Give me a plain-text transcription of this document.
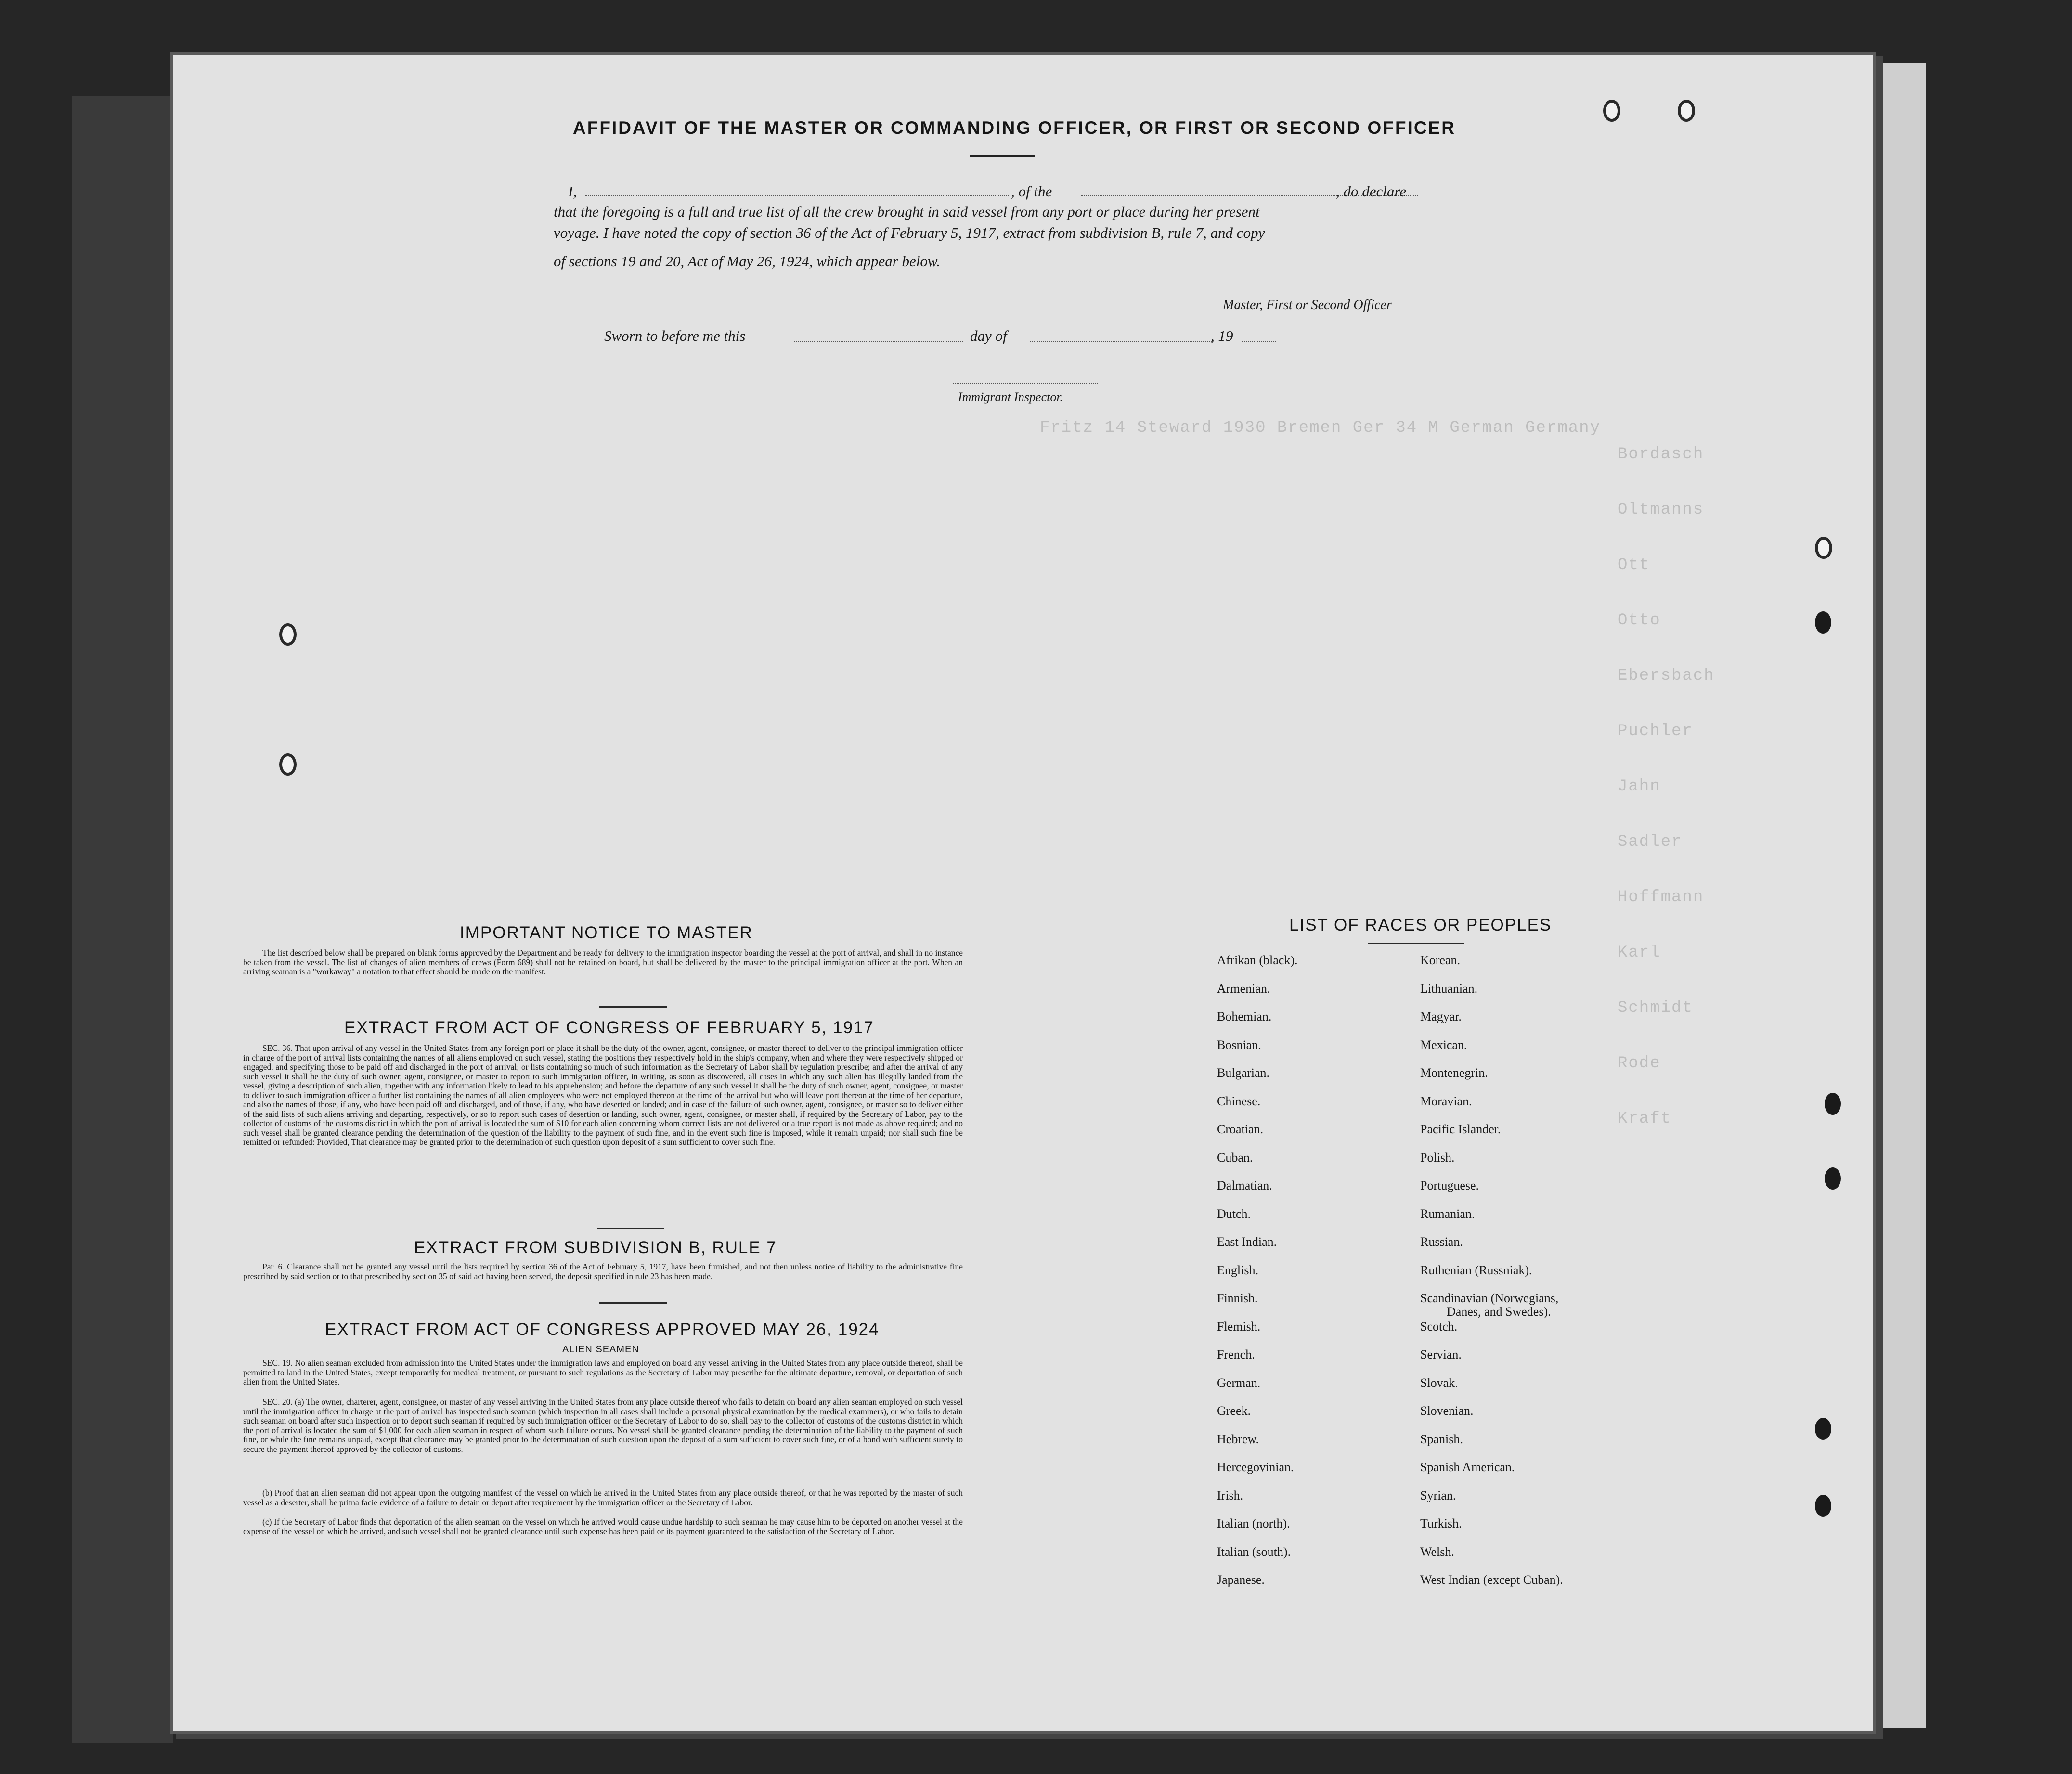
Fritz 14 Steward 1930 Bremen Ger 34 M German Germany
Bordasch
Oltmanns
Ott
Otto
Ebersbach
Puchler
Jahn
Sadler
Hoffmann
Karl
Schmidt
Rode
Kraft
AFFIDAVIT OF THE MASTER OR COMMANDING OFFICER, OR FIRST OR SECOND OFFICER
I,	, of the	, do declare
that the foregoing is a full and true list of all the crew brought in said vessel from any port or place during her present
voyage. I have noted the copy of section 36 of the Act of February 5, 1917, extract from subdivision B, rule 7, and copy
of sections 19 and 20, Act of May 26, 1924, which appear below.
Master, First or Second Officer
Sworn to before me this	day of	, 19
Immigrant Inspector.
IMPORTANT NOTICE TO MASTER
The list described below shall be prepared on blank forms approved by the Department and be ready for delivery to the immigration inspector boarding the vessel at the port of arrival, and shall in no instance be taken from the vessel. The list of changes of alien members of crews (Form 689) shall not be retained on board, but shall be delivered by the master to the principal immigration officer at the port. When an arriving seaman is a "workaway" a notation to that effect should be made on the manifest.
EXTRACT FROM ACT OF CONGRESS OF FEBRUARY 5, 1917
SEC. 36. That upon arrival of any vessel in the United States from any foreign port or place it shall be the duty of the owner, agent, consignee, or master thereof to deliver to the principal immigration officer in charge of the port of arrival lists containing the names of all aliens employed on such vessel, stating the positions they respectively hold in the ship's company, when and where they were respectively shipped or engaged, and specifying those to be paid off and discharged in the port of arrival; or lists containing so much of such information as the Secretary of Labor shall by regulation prescribe; and after the arrival of any such vessel it shall be the duty of such owner, agent, consignee, or master to report to such immigration officer, in writing, as soon as discovered, all cases in which any such alien has illegally landed from the vessel, giving a description of such alien, together with any information likely to lead to his apprehension; and before the departure of any such vessel it shall be the duty of such owner, agent, consignee, or master to deliver to such immigration officer a further list containing the names of all alien employees who were not employed thereon at the time of the arrival but who will leave port thereon at the time of her departure, and also the names of those, if any, who have been paid off and discharged, and of those, if any, who have deserted or landed; and in case of the failure of such owner, agent, consignee, or master so to deliver either of the said lists of such aliens arriving and departing, respectively, or so to report such cases of desertion or landing, such owner, agent, consignee, or master shall, if required by the Secretary of Labor, pay to the collector of customs of the customs district in which the port of arrival is located the sum of $10 for each alien concerning whom correct lists are not delivered or a true report is not made as above required; and no such vessel shall be granted clearance pending the determination of the question of the liability to the payment of such fine, and in the event such fine is imposed, while it remain unpaid; nor shall such fine be remitted or refunded: Provided, That clearance may be granted prior to the determination of such question upon deposit of a sum sufficient to cover such fine.
EXTRACT FROM SUBDIVISION B, RULE 7
Par. 6. Clearance shall not be granted any vessel until the lists required by section 36 of the Act of February 5, 1917, have been furnished, and not then unless notice of liability to the administrative fine prescribed by said section or to that prescribed by section 35 of said act having been served, the deposit specified in rule 23 has been made.
EXTRACT FROM ACT OF CONGRESS APPROVED MAY 26, 1924
ALIEN SEAMEN
SEC. 19. No alien seaman excluded from admission into the United States under the immigration laws and employed on board any vessel arriving in the United States from any place outside thereof, shall be permitted to land in the United States, except temporarily for medical treatment, or pursuant to such regulations as the Secretary of Labor may prescribe for the ultimate departure, removal, or deportation of such alien from the United States.
SEC. 20. (a) The owner, charterer, agent, consignee, or master of any vessel arriving in the United States from any place outside thereof who fails to detain on board any alien seaman employed on such vessel until the immigration officer in charge at the port of arrival has inspected such seaman (which inspection in all cases shall include a personal physical examination by the medical examiners), or who fails to detain such seaman on board after such inspection or to deport such seaman if required by such immigration officer or the Secretary of Labor to do so, shall pay to the collector of customs of the customs district in which the port of arrival is located the sum of $1,000 for each alien seaman in respect of whom such failure occurs. No vessel shall be granted clearance pending the determination of the liability to the payment of such fine, or while the fine remains unpaid, except that clearance may be granted prior to the determination of such question upon the deposit of a sum sufficient to cover such fine, or of a bond with sufficient surety to secure the payment thereof approved by the collector of customs.
(b) Proof that an alien seaman did not appear upon the outgoing manifest of the vessel on which he arrived in the United States from any place outside thereof, or that he was reported by the master of such vessel as a deserter, shall be prima facie evidence of a failure to detain or deport after requirement by the immigration officer or the Secretary of Labor.
(c) If the Secretary of Labor finds that deportation of the alien seaman on the vessel on which he arrived would cause undue hardship to such seaman he may cause him to be deported on another vessel at the expense of the vessel on which he arrived, and such vessel shall not be granted clearance until such expense has been paid or its payment guaranteed to the satisfaction of the Secretary of Labor.
LIST OF RACES OR PEOPLES
Afrikan (black).
Armenian.
Bohemian.
Bosnian.
Bulgarian.
Chinese.
Croatian.
Cuban.
Dalmatian.
Dutch.
East Indian.
English.
Finnish.
Flemish.
French.
German.
Greek.
Hebrew.
Hercegovinian.
Irish.
Italian (north).
Italian (south).
Japanese.
Korean.
Lithuanian.
Magyar.
Mexican.
Montenegrin.
Moravian.
Pacific Islander.
Polish.
Portuguese.
Rumanian.
Russian.
Ruthenian (Russniak).
Scandinavian (Norwegians,
Danes, and Swedes).
Scotch.
Servian.
Slovak.
Slovenian.
Spanish.
Spanish American.
Syrian.
Turkish.
Welsh.
West Indian (except Cuban).
